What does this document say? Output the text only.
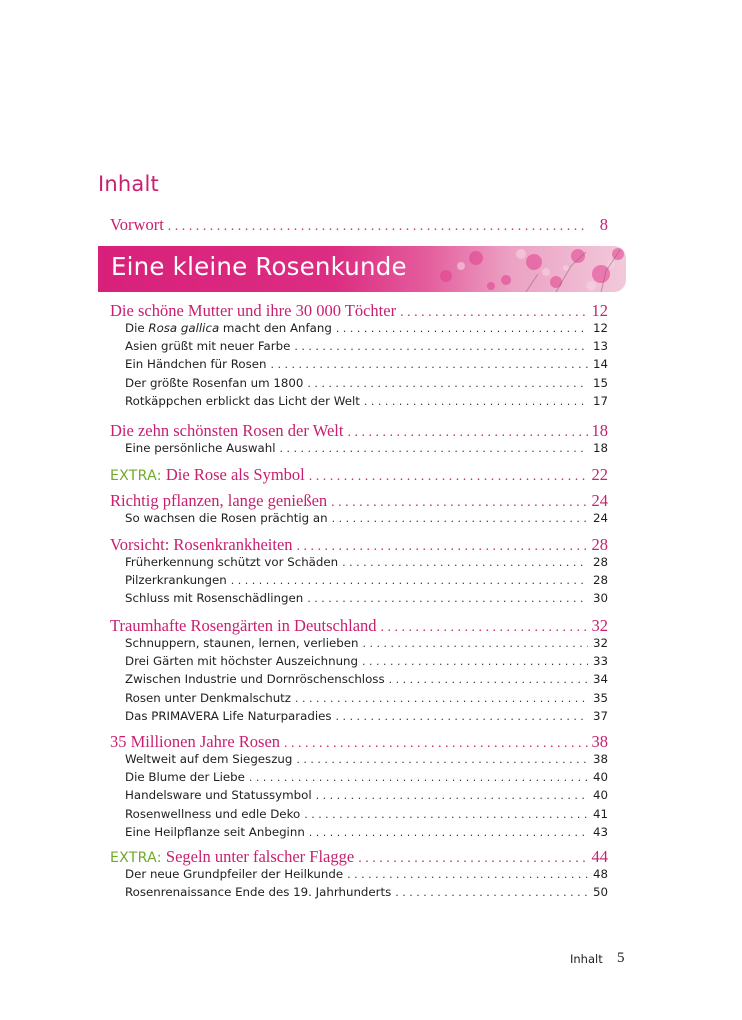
Inhalt
Vorwort . . .	8
Eine kleine Rosenkunde
Die schöne Mutter und ihre 30 000 Töchter . . .	12
Die Rosa gallica macht den Anfang . . .	12
Asien grüßt mit neuer Farbe . . .	13
Ein Händchen für Rosen . . .	14
Der größte Rosenfan um 1800 . . .	15
Rotkäppchen erblickt das Licht der Welt . . .	17
Die zehn schönsten Rosen der Welt . . .	18
Eine persönliche Auswahl . . .	18
EXTRA: Die Rose als Symbol . . .	22
Richtig pflanzen, lange genießen . . .	24
So wachsen die Rosen prächtig an . . .	24
Vorsicht: Rosenkrankheiten . . .	28
Früherkennung schützt vor Schäden . . .	28
Pilzerkrankungen . . .	28
Schluss mit Rosenschädlingen . . .	30
Traumhafte Rosengärten in Deutschland . . .	32
Schnuppern, staunen, lernen, verlieben . . .	32
Drei Gärten mit höchster Auszeichnung . . .	33
Zwischen Industrie und Dornröschenschloss . . .	34
Rosen unter Denkmalschutz . . .	35
Das PRIMAVERA Life Naturparadies . . .	37
35 Millionen Jahre Rosen . . .	38
Weltweit auf dem Siegeszug . . .	38
Die Blume der Liebe . . .	40
Handelsware und Statussymbol . . .	40
Rosenwellness und edle Deko . . .	41
Eine Heilpflanze seit Anbeginn . . .	43
EXTRA: Segeln unter falscher Flagge . . .	44
Der neue Grundpfeiler der Heilkunde . . .	48
Rosenrenaissance Ende des 19. Jahrhunderts . . .	50
Inhalt 5
